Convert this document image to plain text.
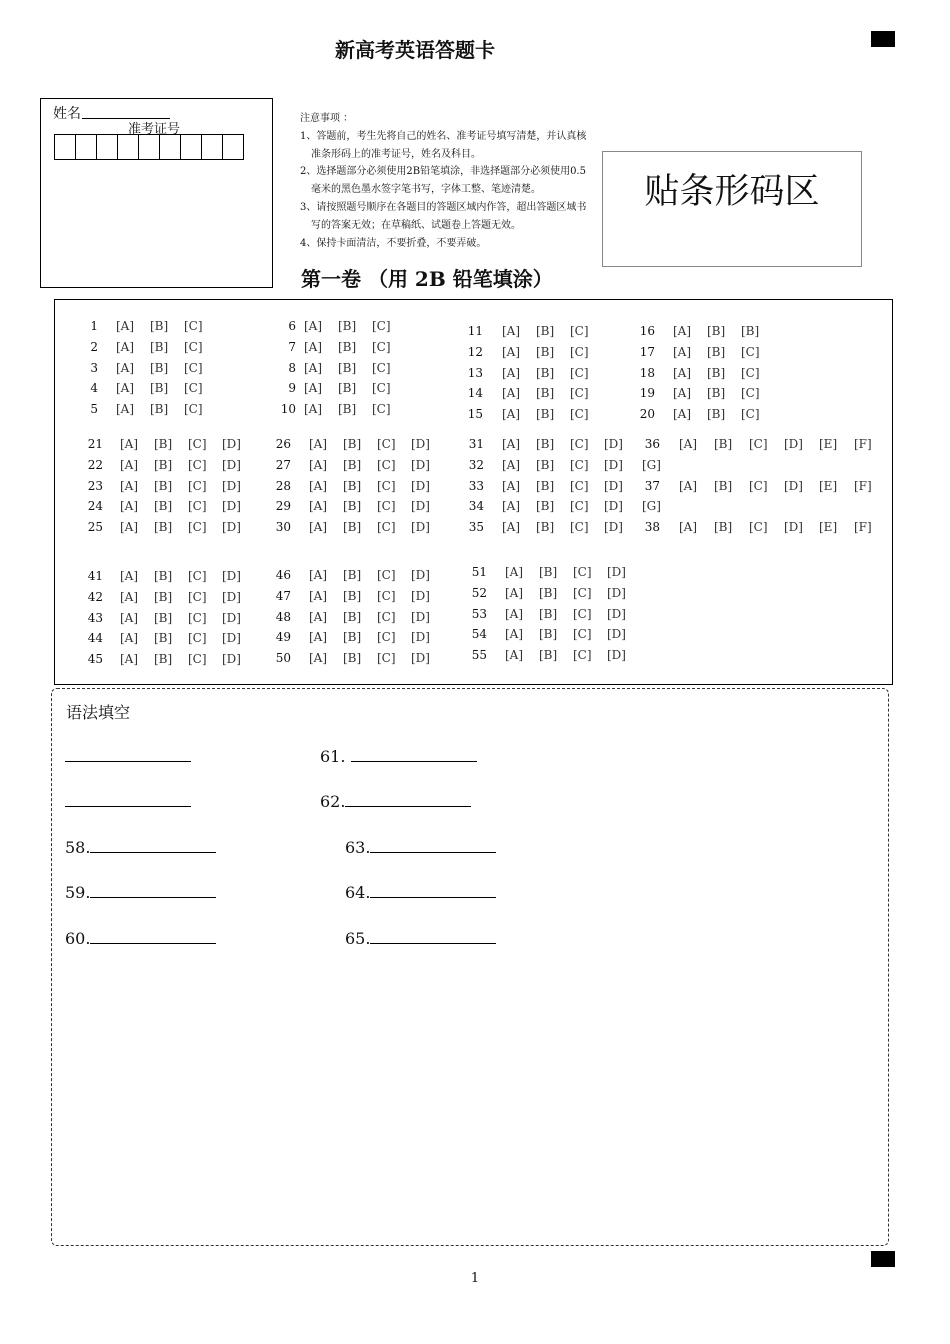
新高考英语答题卡
姓名
准考证号
注意事项 ：
1、答题前，考生先将自己的姓名、准考证号填写清楚，并认真核准条形码上的准考证号，姓名及科目。
2、选择题部分必须使用2B铅笔填涂，非选择题部分必须使用0.5毫米的黑色墨水签字笔书写，字体工整、笔迹清楚。
3、请按照题号顺序在各题目的答题区域内作答，超出答题区域书写的答案无效；在草稿纸、试题卷上答题无效。
4、保持卡面清洁，不要折叠，不要弄破。
贴条形码区
第一卷 （用 2B 铅笔填涂）
1 [A] [B] [C]
2 [A] [B] [C]
3 [A] [B] [C]
4 [A] [B] [C]
5 [A] [B] [C]
6 [A] [B] [C]
7 [A] [B] [C]
8 [A] [B] [C]
9 [A] [B] [C]
10 [A] [B] [C]
11 [A] [B] [C]
12 [A] [B] [C]
13 [A] [B] [C]
14 [A] [B] [C]
15 [A] [B] [C]
16 [A] [B] [B]
17 [A] [B] [C]
18 [A] [B] [C]
19 [A] [B] [C]
20 [A] [B] [C]
21 [A] [B] [C] [D]
22 [A] [B] [C] [D]
23 [A] [B] [C] [D]
24 [A] [B] [C] [D]
25 [A] [B] [C] [D]
26 [A] [B] [C] [D]
27 [A] [B] [C] [D]
28 [A] [B] [C] [D]
29 [A] [B] [C] [D]
30 [A] [B] [C] [D]
31 [A] [B] [C] [D]
32 [A] [B] [C] [D]
33 [A] [B] [C] [D]
34 [A] [B] [C] [D]
35 [A] [B] [C] [D]
36 [A] [B] [C] [D] [E] [F]
[G]
37 [A] [B] [C] [D] [E] [F]
[G]
38 [A] [B] [C] [D] [E] [F]
41 [A] [B] [C] [D]
42 [A] [B] [C] [D]
43 [A] [B] [C] [D]
44 [A] [B] [C] [D]
45 [A] [B] [C] [D]
46 [A] [B] [C] [D]
47 [A] [B] [C] [D]
48 [A] [B] [C] [D]
49 [A] [B] [C] [D]
50 [A] [B] [C] [D]
51 [A] [B] [C] [D]
52 [A] [B] [C] [D]
53 [A] [B] [C] [D]
54 [A] [B] [C] [D]
55 [A] [B] [C] [D]
语法填空
58.
59.
60.
61.
62.
63.
64.
65.
1
